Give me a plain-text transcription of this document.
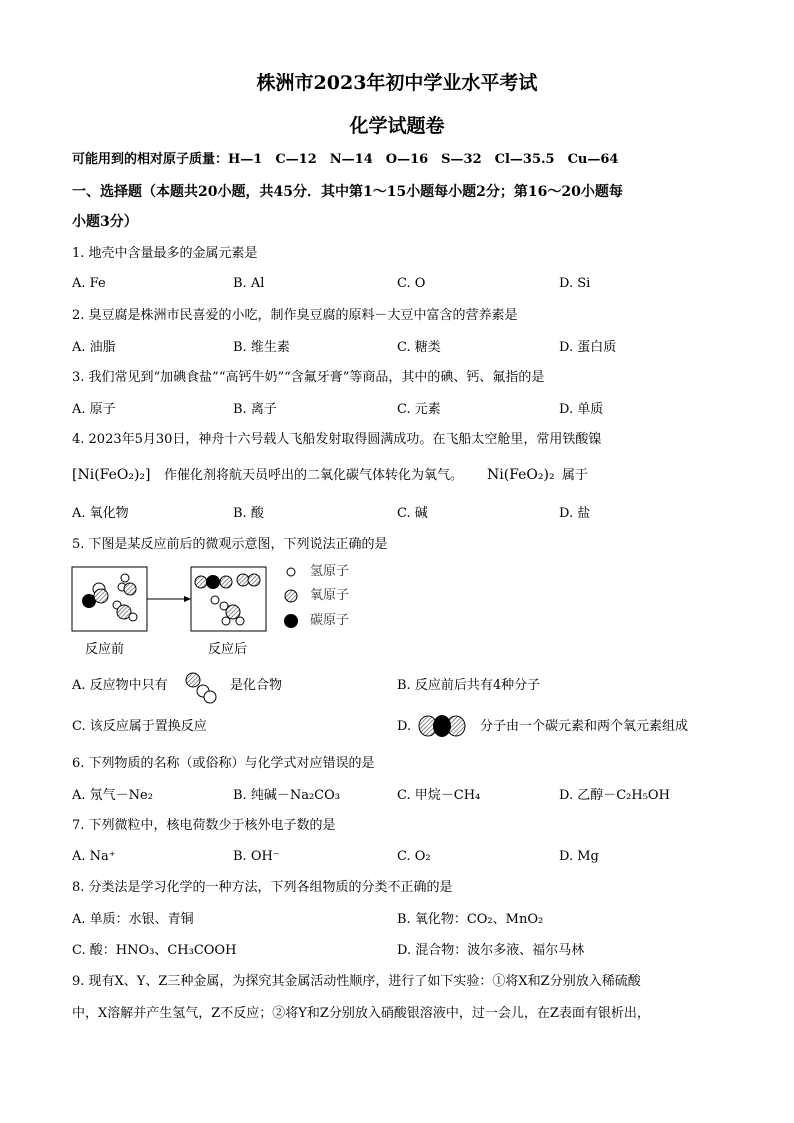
株洲市2023年初中学业水平考试
化学试题卷
可能用到的相对原子质量：H—1　C—12　N—14　O—16　S—32　Cl—35.5　Cu—64
一、选择题（本题共20小题，共45分．其中第1～15小题每小题2分；第16～20小题每
小题3分）
1. 地壳中含量最多的金属元素是
A. Fe	B. Al	C. O	D. Si
2. 臭豆腐是株洲市民喜爱的小吃，制作臭豆腐的原料－大豆中富含的营养素是
A. 油脂	B. 维生素	C. 糖类	D. 蛋白质
3. 我们常见到“加碘食盐”“高钙牛奶”“含氟牙膏”等商品，其中的碘、钙、氟指的是
A. 原子	B. 离子	C. 元素	D. 单质
4. 2023年5月30日，神舟十六号载人飞船发射取得圆满成功。在飞船太空舱里，常用铁酸镍
[Ni(FeO₂)₂] 作催化剂将航天员呼出的二氧化碳气体转化为氧气。 Ni(FeO₂)₂ 属于
A. 氧化物	B. 酸	C. 碱	D. 盐
5. 下图是某反应前后的微观示意图，下列说法正确的是
氢原子
氧原子
碳原子
反应前	反应后
A. 反应物中只有	是化合物	B. 反应前后共有4种分子
C. 该反应属于置换反应	D.	分子由一个碳元素和两个氧元素组成
6. 下列物质的名称（或俗称）与化学式对应错误的是
A. 氖气－Ne₂	B. 纯碱－Na₂CO₃	C. 甲烷－CH₄	D. 乙醇－C₂H₅OH
7. 下列微粒中，核电荷数少于核外电子数的是
A. Na⁺	B. OH⁻	C. O₂	D. Mg
8. 分类法是学习化学的一种方法，下列各组物质的分类不正确的是
A. 单质：水银、青铜	B. 氧化物：CO₂、MnO₂
C. 酸：HNO₃、CH₃COOH	D. 混合物：波尔多液、福尔马林
9. 现有X、Y、Z三种金属，为探究其金属活动性顺序，进行了如下实验：①将X和Z分别放入稀硫酸
中，X溶解并产生氢气，Z不反应；②将Y和Z分别放入硝酸银溶液中，过一会儿，在Z表面有银析出，
